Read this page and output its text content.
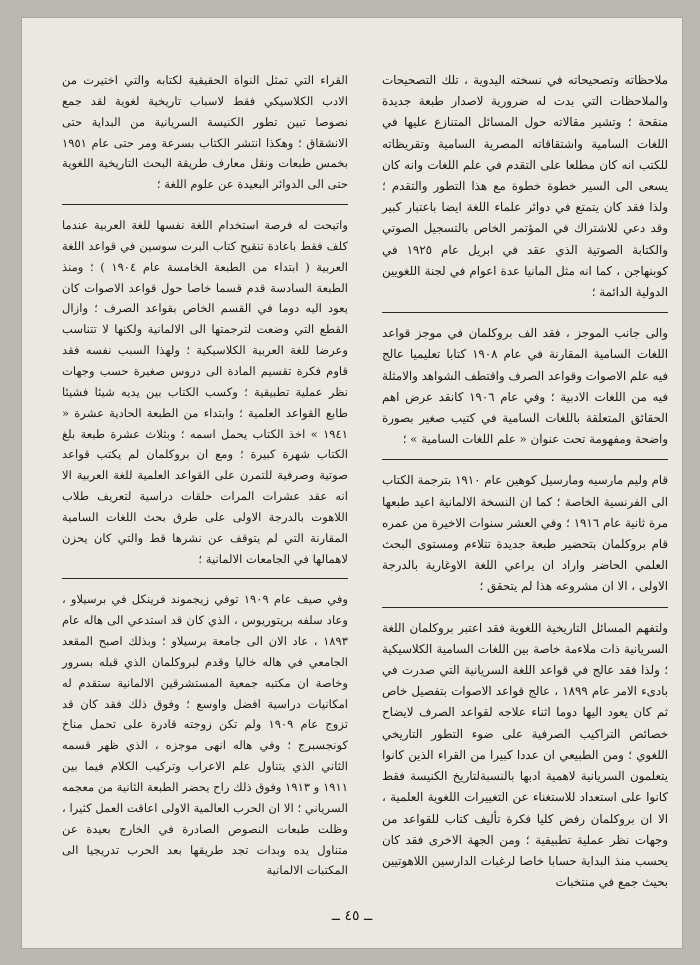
ملاحظاته وتصحيحاته في نسخته اليدوية ، تلك التصحيحات والملاحظات التي بدت له ضرورية لاصدار طبعة جديدة منقحة ؛ وتشير مقالاته حول المسائل المتنازع عليها في اللغات السامية واشتقاقاته المصرية السامية وتقريظاته للكتب انه كان مطلعا على التقدم في علم اللغات وانه كان يسعى الى السير خطوة خطوة مع هذا التطور والتقدم ؛ ولذا فقد كان يتمتع في دوائر علماء اللغة ايضا باعتبار كبير وقد دعي للاشتراك في المؤتمر الخاص بالتسجيل الصوتي والكتابة الصوتية الذي عقد في ابريل عام ١٩٢٥ في كوبنهاجن ، كما انه مثل المانيا عدة اعوام في لجنة اللغويين الدولية الدائمة ؛

والى جانب الموجز ، فقد الف بروكلمان في موجز قواعد اللغات السامية المقارنة في عام ١٩٠٨ كتابا تعليميا عالج فيه علم الاصوات وقواعد الصرف واقتطف الشواهد والامثلة فيه من اللغات الادبية ؛ وفي عام ١٩٠٦ كانقد عرض اهم الحقائق المتعلقة باللغات السامية في كتيب صغير بصورة واضحة ومفهومة تحت عنوان « علم اللغات السامية » ؛

قام وليم مارسيه ومارسيل كوهين عام ١٩١٠ بترجمة الكتاب الى الفرنسية الخاصة ؛ كما ان النسخة الالمانية اعيد طبعها مرة ثانية عام ١٩١٦ ؛ وفي العشر سنوات الاخيرة من عمره قام بروكلمان بتحضير طبعة جديدة تتلاءم ومستوى البحث العلمي الحاضر واراد ان يراعي اللغة الاوغارية بالدرجة الاولى ، الا ان مشروعه هذا لم يتحقق ؛

ولتفهم المسائل التاريخية اللغوية فقد اعتبر بروكلمان اللغة السريانية ذات ملاءمة خاصة بين اللغات السامية الكلاسيكية ؛ ولذا فقد عالج في قواعد اللغة السريانية التي صدرت في بادىء الامر عام ١٨٩٩ ، عالج قواعد الاصوات بتفصيل خاص ثم كان يعود اليها دوما اثناء علاجه لقواعد الصرف لايضاح خصائص التراكيب الصرفية على ضوء التطور التاريخي اللغوي ؛ ومن الطبيعي ان عددا كبيرا من القراء الذين كانوا يتعلمون السريانية لاهمية ادبها بالنسبةلتاريخ الكنيسة فقط كانوا على استعداد للاستغناء عن التغييرات اللغوية العلمية ، الا ان بروكلمان رفض كليا فكرة تأليف كتاب للقواعد من وجهات نظر عملية تطبيقية ؛ ومن الجهة الاخرى فقد كان يحسب منذ البداية حسابا خاصا لرغبات الدارسين اللاهوتيين بحيث جمع في منتخبات

القراء التي تمثل النواة الحقيقية لكتابه والتي اختيرت من الادب الكلاسيكي فقط لاسباب تاريخية لغوية لقد جمع نصوصا تبين تطور الكنيسة السريانية من البداية حتى الانشقاق ؛ وهكذا انتشر الكتاب بسرعة ومر حتى عام ١٩٥١ بخمس طبعات ونقل معارف طريقة البحث التاريخية اللغوية حتى الى الدوائر البعيدة عن علوم اللغة ؛

واتيحت له فرصة استخدام اللغة نفسها للغة العربية عندما كلف فقط باعادة تنقيح كتاب البرت سوسين في قواعد اللغة العربية ( ابتداء من الطبعة الخامسة عام ١٩٠٤ ) ؛ ومنذ الطبعة السادسة قدم قسما خاصا حول قواعد الاصوات كان يعود اليه دوما في القسم الخاص بقواعد الصرف ؛ وازال القطع التي وضعت لترجمتها الى الالمانية ولكنها لا تتناسب وعرضا للغة العربية الكلاسيكية ؛ ولهذا السبب نفسه فقد قاوم فكرة تقسيم المادة الى دروس صغيرة حسب وجهات نظر عملية تطبيقية ؛ وكسب الكتاب بين يديه شيئا فشيئا طابع القواعد العلمية ؛ وابتداء من الطبعة الحادية عشرة « ١٩٤١ » اخذ الكتاب يحمل اسمه ؛ وبثلاث عشرة طبعة بلغ الكتاب شهرة كبيرة ؛ ومع ان بروكلمان لم يكتب قواعد صوتية وصرفية للتمرن على القواعد العلمية للغة العربية الا انه عقد عشرات المرات حلقات دراسية لتعريف طلاب اللاهوت بالدرجة الاولى على طرق بحث اللغات السامية المقارنة التي لم يتوقف عن نشرها قط والتي كان يحزن لاهمالها في الجامعات الالمانية ؛

وفي صيف عام ١٩٠٩ توفي زيجموند فرينكل في برسيلاو ، وعاد سلفه بريتوريوس ، الذي كان قد استدعي الى هاله عام ١٨٩٣ ، عاد الان الى جامعة برسيلاو ؛ وبذلك اصبح المقعد الجامعي في هاله خاليا وقدم لبروكلمان الذي قبله بسرور وخاصة ان مكتبه جمعية المستشرقين الالمانية ستقدم له امكانيات دراسية افضل واوسع ؛ وفوق ذلك فقد كان قد تزوج عام ١٩٠٩ ولم تكن زوجته قادرة على تحمل مناخ كونجسبرج ؛ وفي هاله انهى موجزه ، الذي ظهر قسمه الثاني الذي يتناول علم الاعراب وتركيب الكلام فيما بين ١٩١١ و ١٩١٣ وفوق ذلك راح يحضر الطبعة الثانية من معجمه السرياني ؛ الا ان الحرب العالمية الاولى اعاقت العمل كثيرا ، وظلت طبعات النصوص الصادرة في الخارج بعيدة عن متناول يده وبدات تجد طريقها بعد الحرب تدريجيا الى المكتبات الالمانية

ــ ٤٥ ــ
